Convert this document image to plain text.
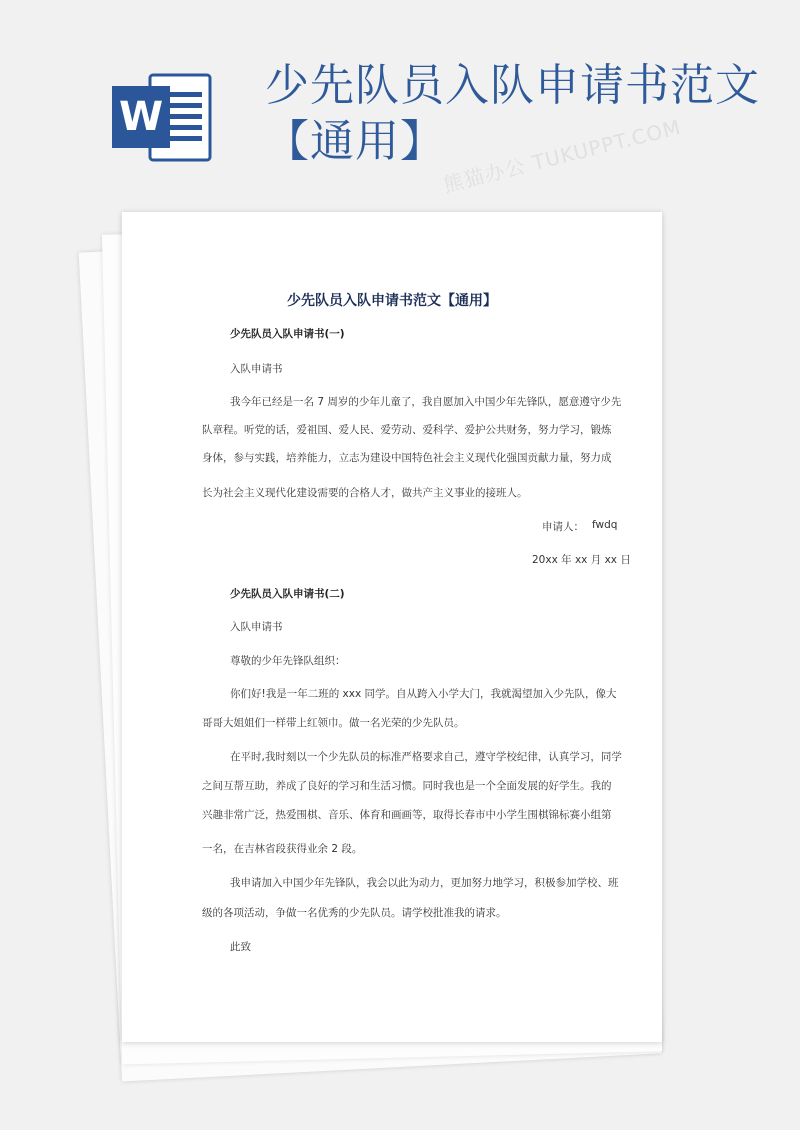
W
少先队员入队申请书范文【通用】
熊猫办公 TUKUPPT.COM
少先队员入队申请书范文【通用】
少先队员入队申请书(一)
入队申请书
我今年已经是一名 7 周岁的少年儿童了，我自愿加入中国少年先锋队，愿意遵守少先
队章程。听党的话，爱祖国、爱人民、爱劳动、爱科学、爱护公共财务，努力学习，锻炼
身体，参与实践，培养能力，立志为建设中国特色社会主义现代化强国贡献力量，努力成
长为社会主义现代化建设需要的合格人才，做共产主义事业的接班人。
申请人： fwdq
20xx 年 xx 月 xx 日
少先队员入队申请书(二)
入队申请书
尊敬的少年先锋队组织：
你们好!我是一年二班的 xxx 同学。自从跨入小学大门，我就渴望加入少先队，像大
哥哥大姐姐们一样带上红领巾。做一名光荣的少先队员。
在平时,我时刻以一个少先队员的标准严格要求自己，遵守学校纪律，认真学习，同学
之间互帮互助，养成了良好的学习和生活习惯。同时我也是一个全面发展的好学生。我的
兴趣非常广泛，热爱围棋、音乐、体育和画画等，取得长春市中小学生围棋锦标赛小组第
一名，在吉林省段获得业余 2 段。
我申请加入中国少年先锋队，我会以此为动力，更加努力地学习，积极参加学校、班
级的各项活动，争做一名优秀的少先队员。请学校批准我的请求。
此致
